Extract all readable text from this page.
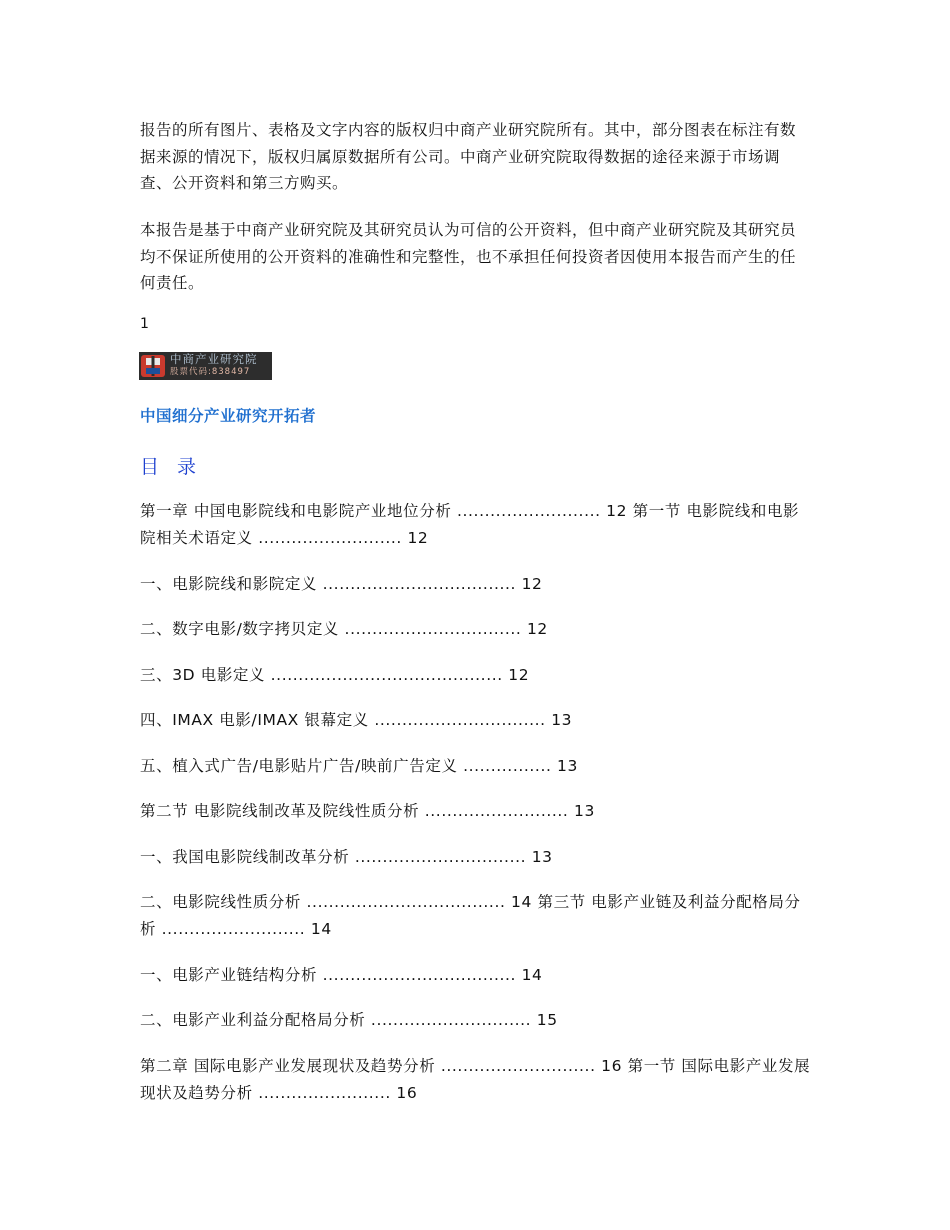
报告的所有图片、表格及文字内容的版权归中商产业研究院所有。其中，部分图表在标注有数据来源的情况下，版权归属原数据所有公司。中商产业研究院取得数据的途径来源于市场调查、公开资料和第三方购买。

本报告是基于中商产业研究院及其研究员认为可信的公开资料，但中商产业研究院及其研究员均不保证所使用的公开资料的准确性和完整性，也不承担任何投资者因使用本报告而产生的任何责任。

1
中商产业研究院
股票代码:838497
中国细分产业研究开拓者
目 录

第一章 中国电影院线和电影院产业地位分析 .......................... 12 第一节 电影院线和电影院相关术语定义 .......................... 12

一、电影院线和影院定义 ................................... 12

二、数字电影/数字拷贝定义 ................................ 12

三、3D 电影定义 .......................................... 12

四、IMAX 电影/IMAX 银幕定义 ............................... 13

五、植入式广告/电影贴片广告/映前广告定义 ................ 13

第二节 电影院线制改革及院线性质分析 .......................... 13

一、我国电影院线制改革分析 ............................... 13

二、电影院线性质分析 .................................... 14 第三节 电影产业链及利益分配格局分析 .......................... 14

一、电影产业链结构分析 ................................... 14

二、电影产业利益分配格局分析 ............................. 15

第二章 国际电影产业发展现状及趋势分析 ............................ 16 第一节 国际电影产业发展现状及趋势分析 ........................ 16
